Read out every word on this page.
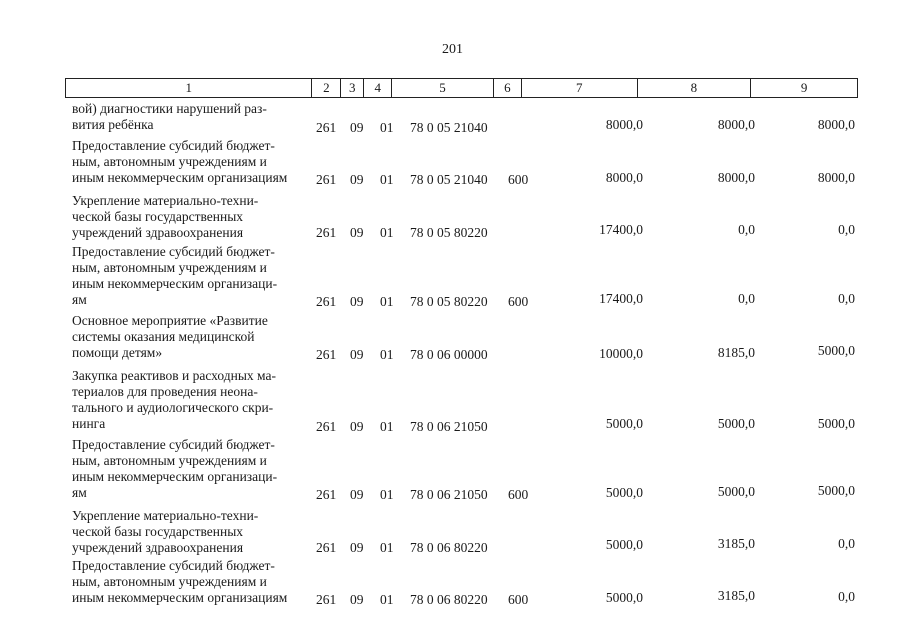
201
1	2	3	4	5	6	7	8	9
вой) диагностики нарушений раз-
вития ребёнка	261 09 01 78 0 05 21040	8000,0	8000,0	8000,0
Предоставление субсидий бюджет-
ным, автономным учреждениям и
иным некоммерческим организациям	261 09 01 78 0 05 21040 600	8000,0	8000,0	8000,0
Укрепление материально-техни-
ческой базы государственных
учреждений здравоохранения	261 09 01 78 0 05 80220	17400,0	0,0	0,0
Предоставление субсидий бюджет-
ным, автономным учреждениям и
иным некоммерческим организаци-
ям	261 09 01 78 0 05 80220 600	17400,0	0,0	0,0
Основное мероприятие «Развитие
системы оказания медицинской
помощи детям»	261 09 01 78 0 06 00000	10000,0	8185,0	5000,0
Закупка реактивов и расходных ма-
териалов для проведения неона-
тального и аудиологического скри-
нинга	261 09 01 78 0 06 21050	5000,0	5000,0	5000,0
Предоставление субсидий бюджет-
ным, автономным учреждениям и
иным некоммерческим организаци-
ям	261 09 01 78 0 06 21050 600	5000,0	5000,0	5000,0
Укрепление материально-техни-
ческой базы государственных
учреждений здравоохранения	261 09 01 78 0 06 80220	5000,0	3185,0	0,0
Предоставление субсидий бюджет-
ным, автономным учреждениям и
иным некоммерческим организациям	261 09 01 78 0 06 80220 600	5000,0	3185,0	0,0
